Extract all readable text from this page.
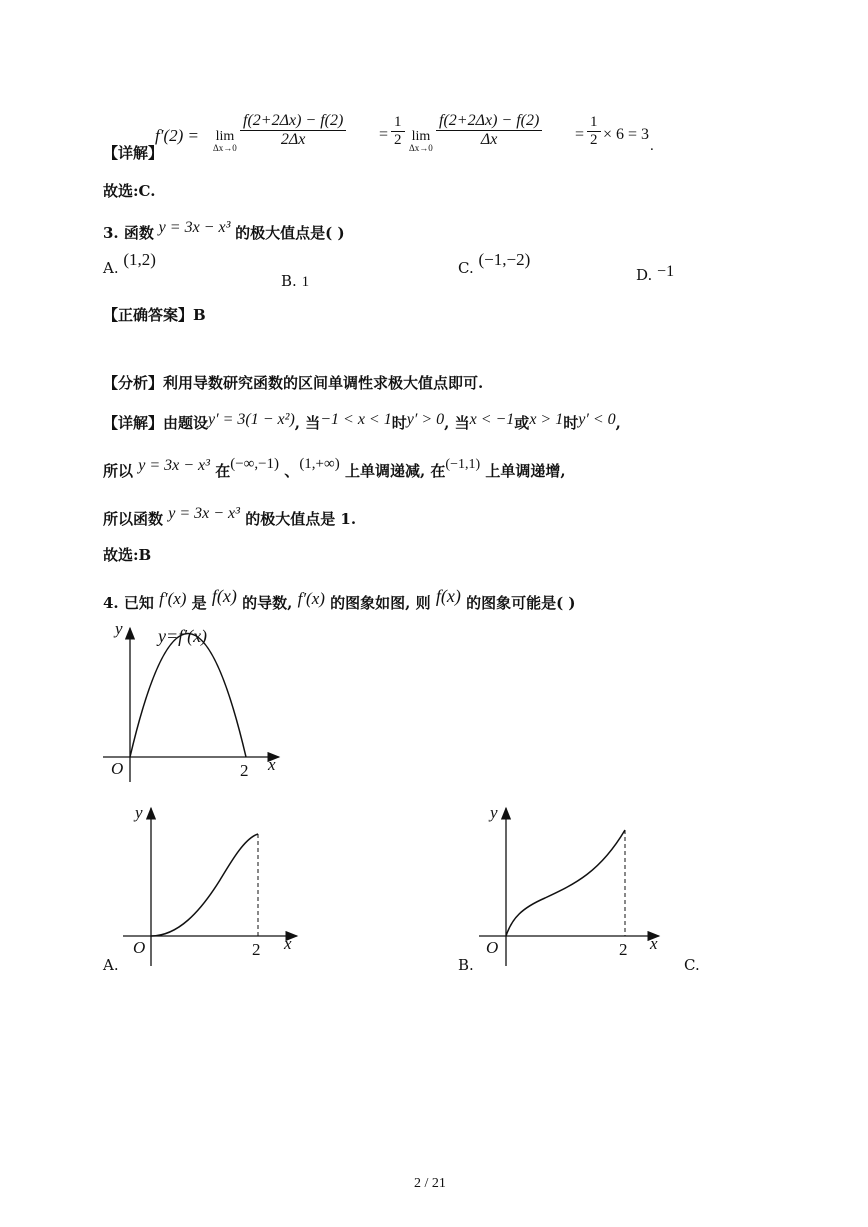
【详解】
f′(2) = lim
$\Delta x\to 0 \frac{f(2+2\Delta x) - f(2)}{2\Delta x} = \frac{1}{2}$ lim
$\Delta x\to 0 \frac{f(2+2\Delta x) - f(2)}{\Delta x} = \frac{1}{2} \times 6 = 3$
.
故选:C.
3. 函数 y = 3x − x³ 的极大值点是( )
A. (1,2)
B. 1
C. (−1,−2)
D. −1
【正确答案】B
【分析】利用导数研究函数的区间单调性求极大值点即可.
【详解】由题设y′ = 3(1 − x²), 当−1 < x < 1时y′ > 0, 当x < −1或x > 1时y′ < 0,
所以 y = 3x − x³ 在(−∞,−1) 、(1,+∞) 上单调递减, 在(−1,1) 上单调递增,
所以函数 y = 3x − x³ 的极大值点是 1.
故选:B
4. 已知 f′(x) 是 f(x) 的导数, f′(x) 的图象如图, 则 f(x) 的图象可能是( )
y y=f′(x)
O	2 x
y
O	2 x
y
O	2 x
A.	B.	C.
2 / 21
